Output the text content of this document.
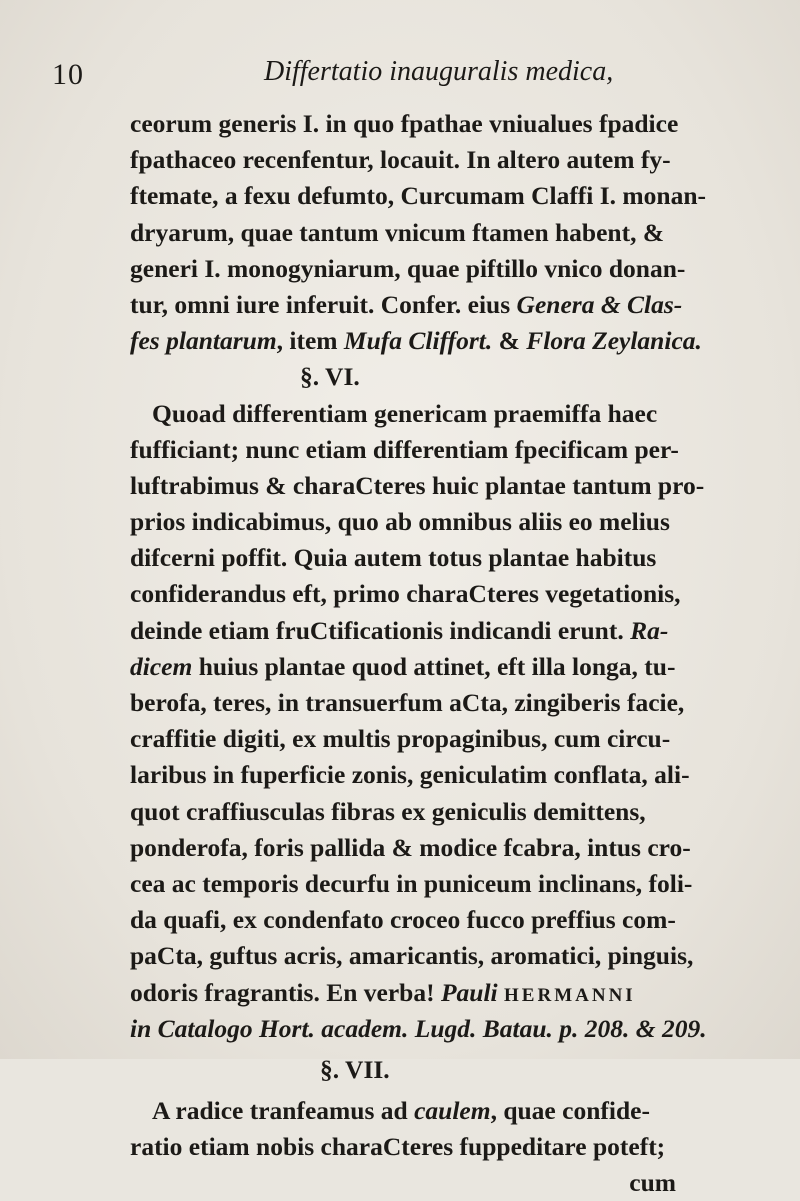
10	Differtatio inauguralis medica,
ceorum generis I. in quo fpathae vniualues fpadice
fpathaceo recenfentur, locauit. In altero autem fy-
ftemate, a fexu defumto, Curcumam Claffi I. monan-
dryarum, quae tantum vnicum ftamen habent, &
generi I. monogyniarum, quae piftillo vnico donan-
tur, omni iure inferuit. Confer. eius Genera & Clas-
fes plantarum, item Mufa Cliffort. & Flora Zeylanica.
§. VI.
Quoad differentiam genericam praemiffa haec
fufficiant; nunc etiam differentiam fpecificam per-
luftrabimus & charaCteres huic plantae tantum pro-
prios indicabimus, quo ab omnibus aliis eo melius
difcerni poffit. Quia autem totus plantae habitus
confiderandus eft, primo charaCteres vegetationis,
deinde etiam fruCtificationis indicandi erunt. Ra-
dicem huius plantae quod attinet, eft illa longa, tu-
berofa, teres, in transuerfum aCta, zingiberis facie,
craffitie digiti, ex multis propaginibus, cum circu-
laribus in fuperficie zonis, geniculatim conflata, ali-
quot craffiusculas fibras ex geniculis demittens,
ponderofa, foris pallida & modice fcabra, intus cro-
cea ac temporis decurfu in puniceum inclinans, foli-
da quafi, ex condenfato croceo fucco preffius com-
paCta, guftus acris, amaricantis, aromatici, pinguis,
odoris fragrantis. En verba! Pauli HERMANNI
in Catalogo Hort. academ. Lugd. Batau. p. 208. & 209.
§. VII.
A radice tranfeamus ad caulem, quae confide-
ratio etiam nobis charaCteres fuppeditare poteft;
cum
